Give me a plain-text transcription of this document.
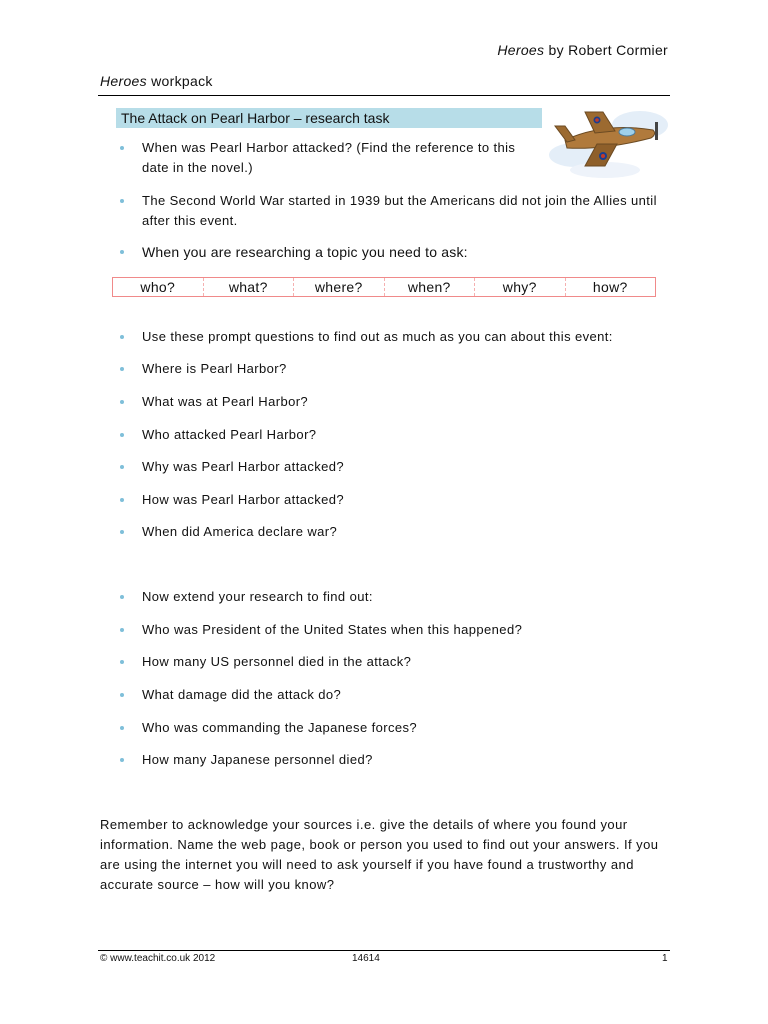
Heroes by Robert Cormier
Heroes workpack
The Attack on Pearl Harbor – research task
When was Pearl Harbor attacked? (Find the reference to this date in the novel.)
The Second World War started in 1939 but the Americans did not join the Allies until after this event.
When you are researching a topic you need to ask:
who?	what?	where?	when?	why?	how?
Use these prompt questions to find out as much as you can about this event:
Where is Pearl Harbor?
What was at Pearl Harbor?
Who attacked Pearl Harbor?
Why was Pearl Harbor attacked?
How was Pearl Harbor attacked?
When did America declare war?
Now extend your research to find out:
Who was President of the United States when this happened?
How many US personnel died in the attack?
What damage did the attack do?
Who was commanding the Japanese forces?
How many Japanese personnel died?
Remember to acknowledge your sources i.e. give the details of where you found your information. Name the web page, book or person you used to find out your answers. If you are using the internet you will need to ask yourself if you have found a trustworthy and accurate source – how will you know?
© www.teachit.co.uk 2012	14614	1
